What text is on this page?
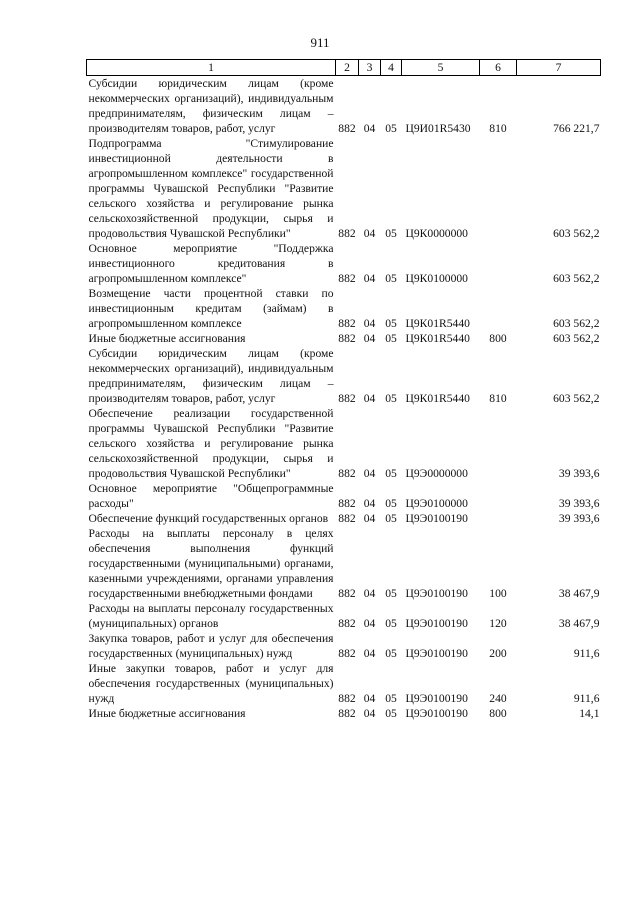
911
1	2	3	4	5	6	7
Субсидии юридическим лицам (кроме некоммерческих организаций), индивидуальным предпринимателям, физическим лицам – производителям товаров, работ, услуг	882	04	05	Ц9И01R5430	810	766 221,7
Подпрограмма "Стимулирование инвестиционной деятельности в агропромышленном комплексе" государственной программы Чувашской Республики "Развитие сельского хозяйства и регулирование рынка сельскохозяйственной продукции, сырья и продовольствия Чувашской Республики"	882	04	05	Ц9К0000000		603 562,2
Основное мероприятие "Поддержка инвестиционного кредитования в агропромышленном комплексе"	882	04	05	Ц9К0100000		603 562,2
Возмещение части процентной ставки по инвестиционным кредитам (займам) в агропромышленном комплексе	882	04	05	Ц9К01R5440		603 562,2
Иные бюджетные ассигнования	882	04	05	Ц9К01R5440	800	603 562,2
Субсидии юридическим лицам (кроме некоммерческих организаций), индивидуальным предпринимателям, физическим лицам – производителям товаров, работ, услуг	882	04	05	Ц9К01R5440	810	603 562,2
Обеспечение реализации государственной программы Чувашской Республики "Развитие сельского хозяйства и регулирование рынка сельскохозяйственной продукции, сырья и продовольствия Чувашской Республики"	882	04	05	Ц9Э0000000		39 393,6
Основное мероприятие "Общепрограммные расходы"	882	04	05	Ц9Э0100000		39 393,6
Обеспечение функций государственных органов	882	04	05	Ц9Э0100190		39 393,6
Расходы на выплаты персоналу в целях обеспечения выполнения функций государственными (муниципальными) органами, казенными учреждениями, органами управления государственными внебюджетными фондами	882	04	05	Ц9Э0100190	100	38 467,9
Расходы на выплаты персоналу государственных (муниципальных) органов	882	04	05	Ц9Э0100190	120	38 467,9
Закупка товаров, работ и услуг для обеспечения государственных (муниципальных) нужд	882	04	05	Ц9Э0100190	200	911,6
Иные закупки товаров, работ и услуг для обеспечения государственных (муниципальных) нужд	882	04	05	Ц9Э0100190	240	911,6
Иные бюджетные ассигнования	882	04	05	Ц9Э0100190	800	14,1
